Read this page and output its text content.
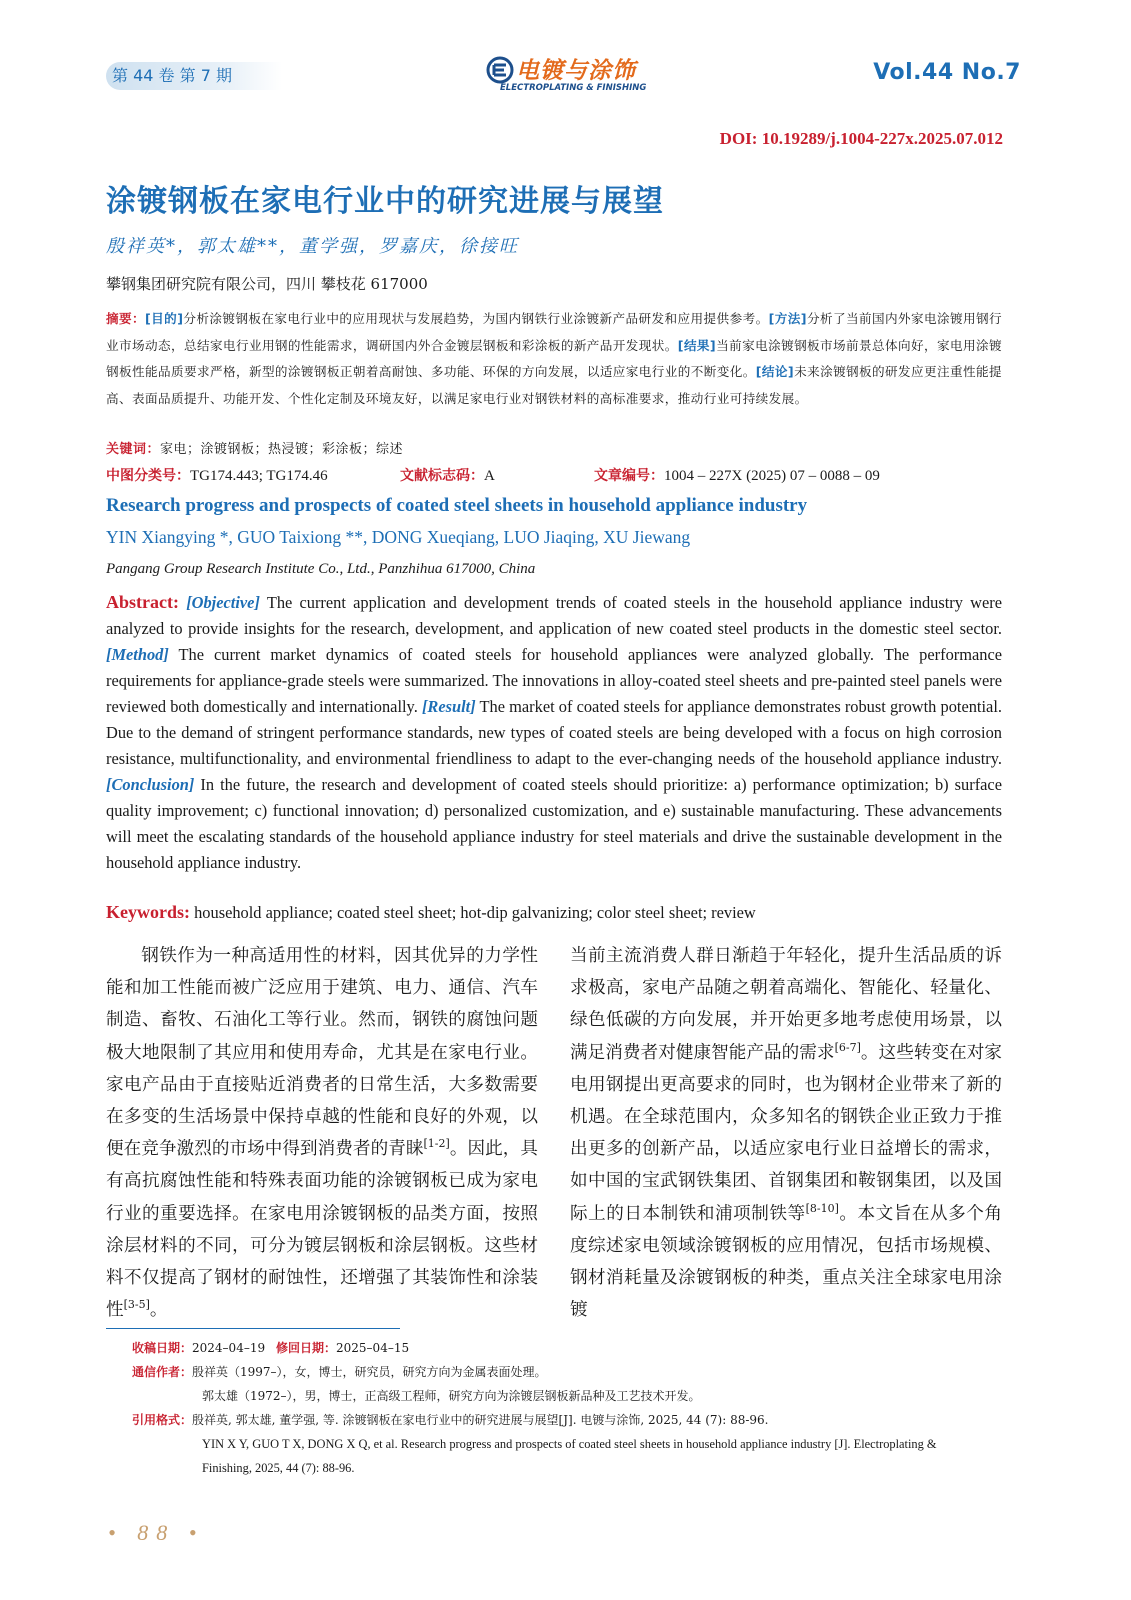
第 44 卷 第 7 期	电镀与涂饰
ELECTROPLATING & FINISHING
Vol.44 No.7
DOI: 10.19289/j.1004-227x.2025.07.012
涂镀钢板在家电行业中的研究进展与展望
殷祥英*，郭太雄**，董学强，罗嘉庆，徐接旺
攀钢集团研究院有限公司，四川 攀枝花 617000
摘要：[目的]分析涂镀钢板在家电行业中的应用现状与发展趋势，为国内钢铁行业涂镀新产品研发和应用提供参考。[方法]分析了当前国内外家电涂镀用钢行业市场动态，总结家电行业用钢的性能需求，调研国内外合金镀层钢板和彩涂板的新产品开发现状。[结果]当前家电涂镀钢板市场前景总体向好，家电用涂镀钢板性能品质要求严格，新型的涂镀钢板正朝着高耐蚀、多功能、环保的方向发展，以适应家电行业的不断变化。[结论]未来涂镀钢板的研发应更注重性能提高、表面品质提升、功能开发、个性化定制及环境友好，以满足家电行业对钢铁材料的高标准要求，推动行业可持续发展。
关键词：家电；涂镀钢板；热浸镀；彩涂板；综述
中图分类号：TG174.443; TG174.46	文献标志码：A	文章编号：1004 – 227X (2025) 07 – 0088 – 09
Research progress and prospects of coated steel sheets in household appliance industry
YIN Xiangying *, GUO Taixiong **, DONG Xueqiang, LUO Jiaqing, XU Jiewang
Pangang Group Research Institute Co., Ltd., Panzhihua 617000, China
Abstract: [Objective] The current application and development trends of coated steels in the household appliance industry were analyzed to provide insights for the research, development, and application of new coated steel products in the domestic steel sector. [Method] The current market dynamics of coated steels for household appliances were analyzed globally. The performance requirements for appliance-grade steels were summarized. The innovations in alloy-coated steel sheets and pre-painted steel panels were reviewed both domestically and internationally. [Result] The market of coated steels for appliance demonstrates robust growth potential. Due to the demand of stringent performance standards, new types of coated steels are being developed with a focus on high corrosion resistance, multifunctionality, and environmental friendliness to adapt to the ever-changing needs of the household appliance industry. [Conclusion] In the future, the research and development of coated steels should prioritize: a) performance optimization; b) surface quality improvement; c) functional innovation; d) personalized customization, and e) sustainable manufacturing. These advancements will meet the escalating standards of the household appliance industry for steel materials and drive the sustainable development in the household appliance industry.
Keywords: household appliance; coated steel sheet; hot-dip galvanizing; color steel sheet; review
钢铁作为一种高适用性的材料，因其优异的力学性能和加工性能而被广泛应用于建筑、电力、通信、汽车制造、畜牧、石油化工等行业。然而，钢铁的腐蚀问题极大地限制了其应用和使用寿命，尤其是在家电行业。家电产品由于直接贴近消费者的日常生活，大多数需要在多变的生活场景中保持卓越的性能和良好的外观，以便在竞争激烈的市场中得到消费者的青睐[1-2]。因此，具有高抗腐蚀性能和特殊表面功能的涂镀钢板已成为家电行业的重要选择。在家电用涂镀钢板的品类方面，按照涂层材料的不同，可分为镀层钢板和涂层钢板。这些材料不仅提高了钢材的耐蚀性，还增强了其装饰性和涂装性[3-5]。
当前主流消费人群日渐趋于年轻化，提升生活品质的诉求极高，家电产品随之朝着高端化、智能化、轻量化、绿色低碳的方向发展，并开始更多地考虑使用场景，以满足消费者对健康智能产品的需求[6-7]。这些转变在对家电用钢提出更高要求的同时，也为钢材企业带来了新的机遇。在全球范围内，众多知名的钢铁企业正致力于推出更多的创新产品，以适应家电行业日益增长的需求，如中国的宝武钢铁集团、首钢集团和鞍钢集团，以及国际上的日本制铁和浦项制铁等[8-10]。本文旨在从多个角度综述家电领域涂镀钢板的应用情况，包括市场规模、钢材消耗量及涂镀钢板的种类，重点关注全球家电用涂镀
收稿日期：2024–04–19 修回日期：2025–04–15
通信作者：殷祥英（1997–），女，博士，研究员，研究方向为金属表面处理。
郭太雄（1972–），男，博士，正高级工程师，研究方向为涂镀层钢板新品种及工艺技术开发。
引用格式：殷祥英, 郭太雄, 董学强, 等. 涂镀钢板在家电行业中的研究进展与展望[J]. 电镀与涂饰, 2025, 44 (7): 88-96.
YIN X Y, GUO T X, DONG X Q, et al. Research progress and prospects of coated steel sheets in household appliance industry [J]. Electroplating &
Finishing, 2025, 44 (7): 88-96.
• 88 •
